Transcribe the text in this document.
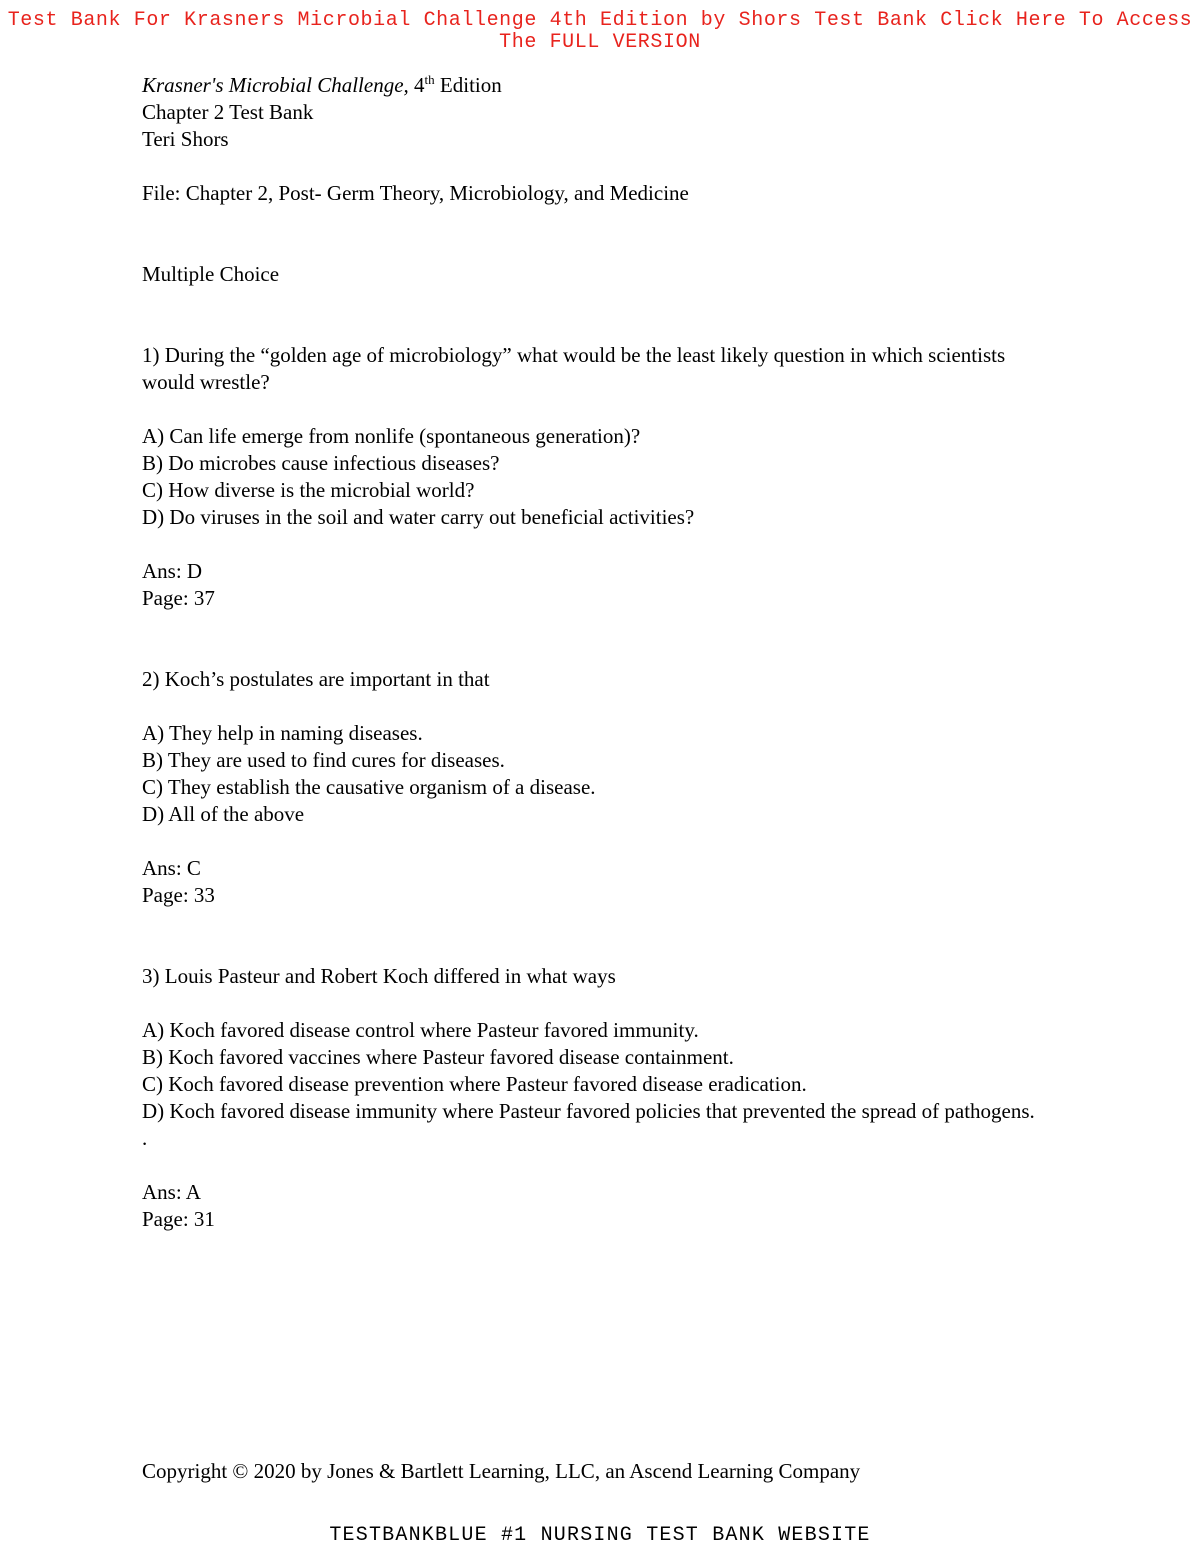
Test Bank For Krasners Microbial Challenge 4th Edition by Shors Test Bank Click Here To Access The FULL VERSION
Krasner's Microbial Challenge, 4th Edition
Chapter 2 Test Bank
Teri Shors
File: Chapter 2, Post- Germ Theory, Microbiology, and Medicine
Multiple Choice
1) During the “golden age of microbiology” what would be the least likely question in which scientists would wrestle?
A) Can life emerge from nonlife (spontaneous generation)?
B) Do microbes cause infectious diseases?
C) How diverse is the microbial world?
D) Do viruses in the soil and water carry out beneficial activities?
Ans: D
Page: 37
2) Koch’s postulates are important in that
A) They help in naming diseases.
B) They are used to find cures for diseases.
C) They establish the causative organism of a disease.
D) All of the above
Ans: C
Page: 33
3) Louis Pasteur and Robert Koch differed in what ways
A) Koch favored disease control where Pasteur favored immunity.
B) Koch favored vaccines where Pasteur favored disease containment.
C) Koch favored disease prevention where Pasteur favored disease eradication.
D) Koch favored disease immunity where Pasteur favored policies that prevented the spread of pathogens.
.
Ans: A
Page: 31
Copyright © 2020 by Jones & Bartlett Learning, LLC, an Ascend Learning Company
TESTBANKBLUE #1 NURSING TEST BANK WEBSITE
